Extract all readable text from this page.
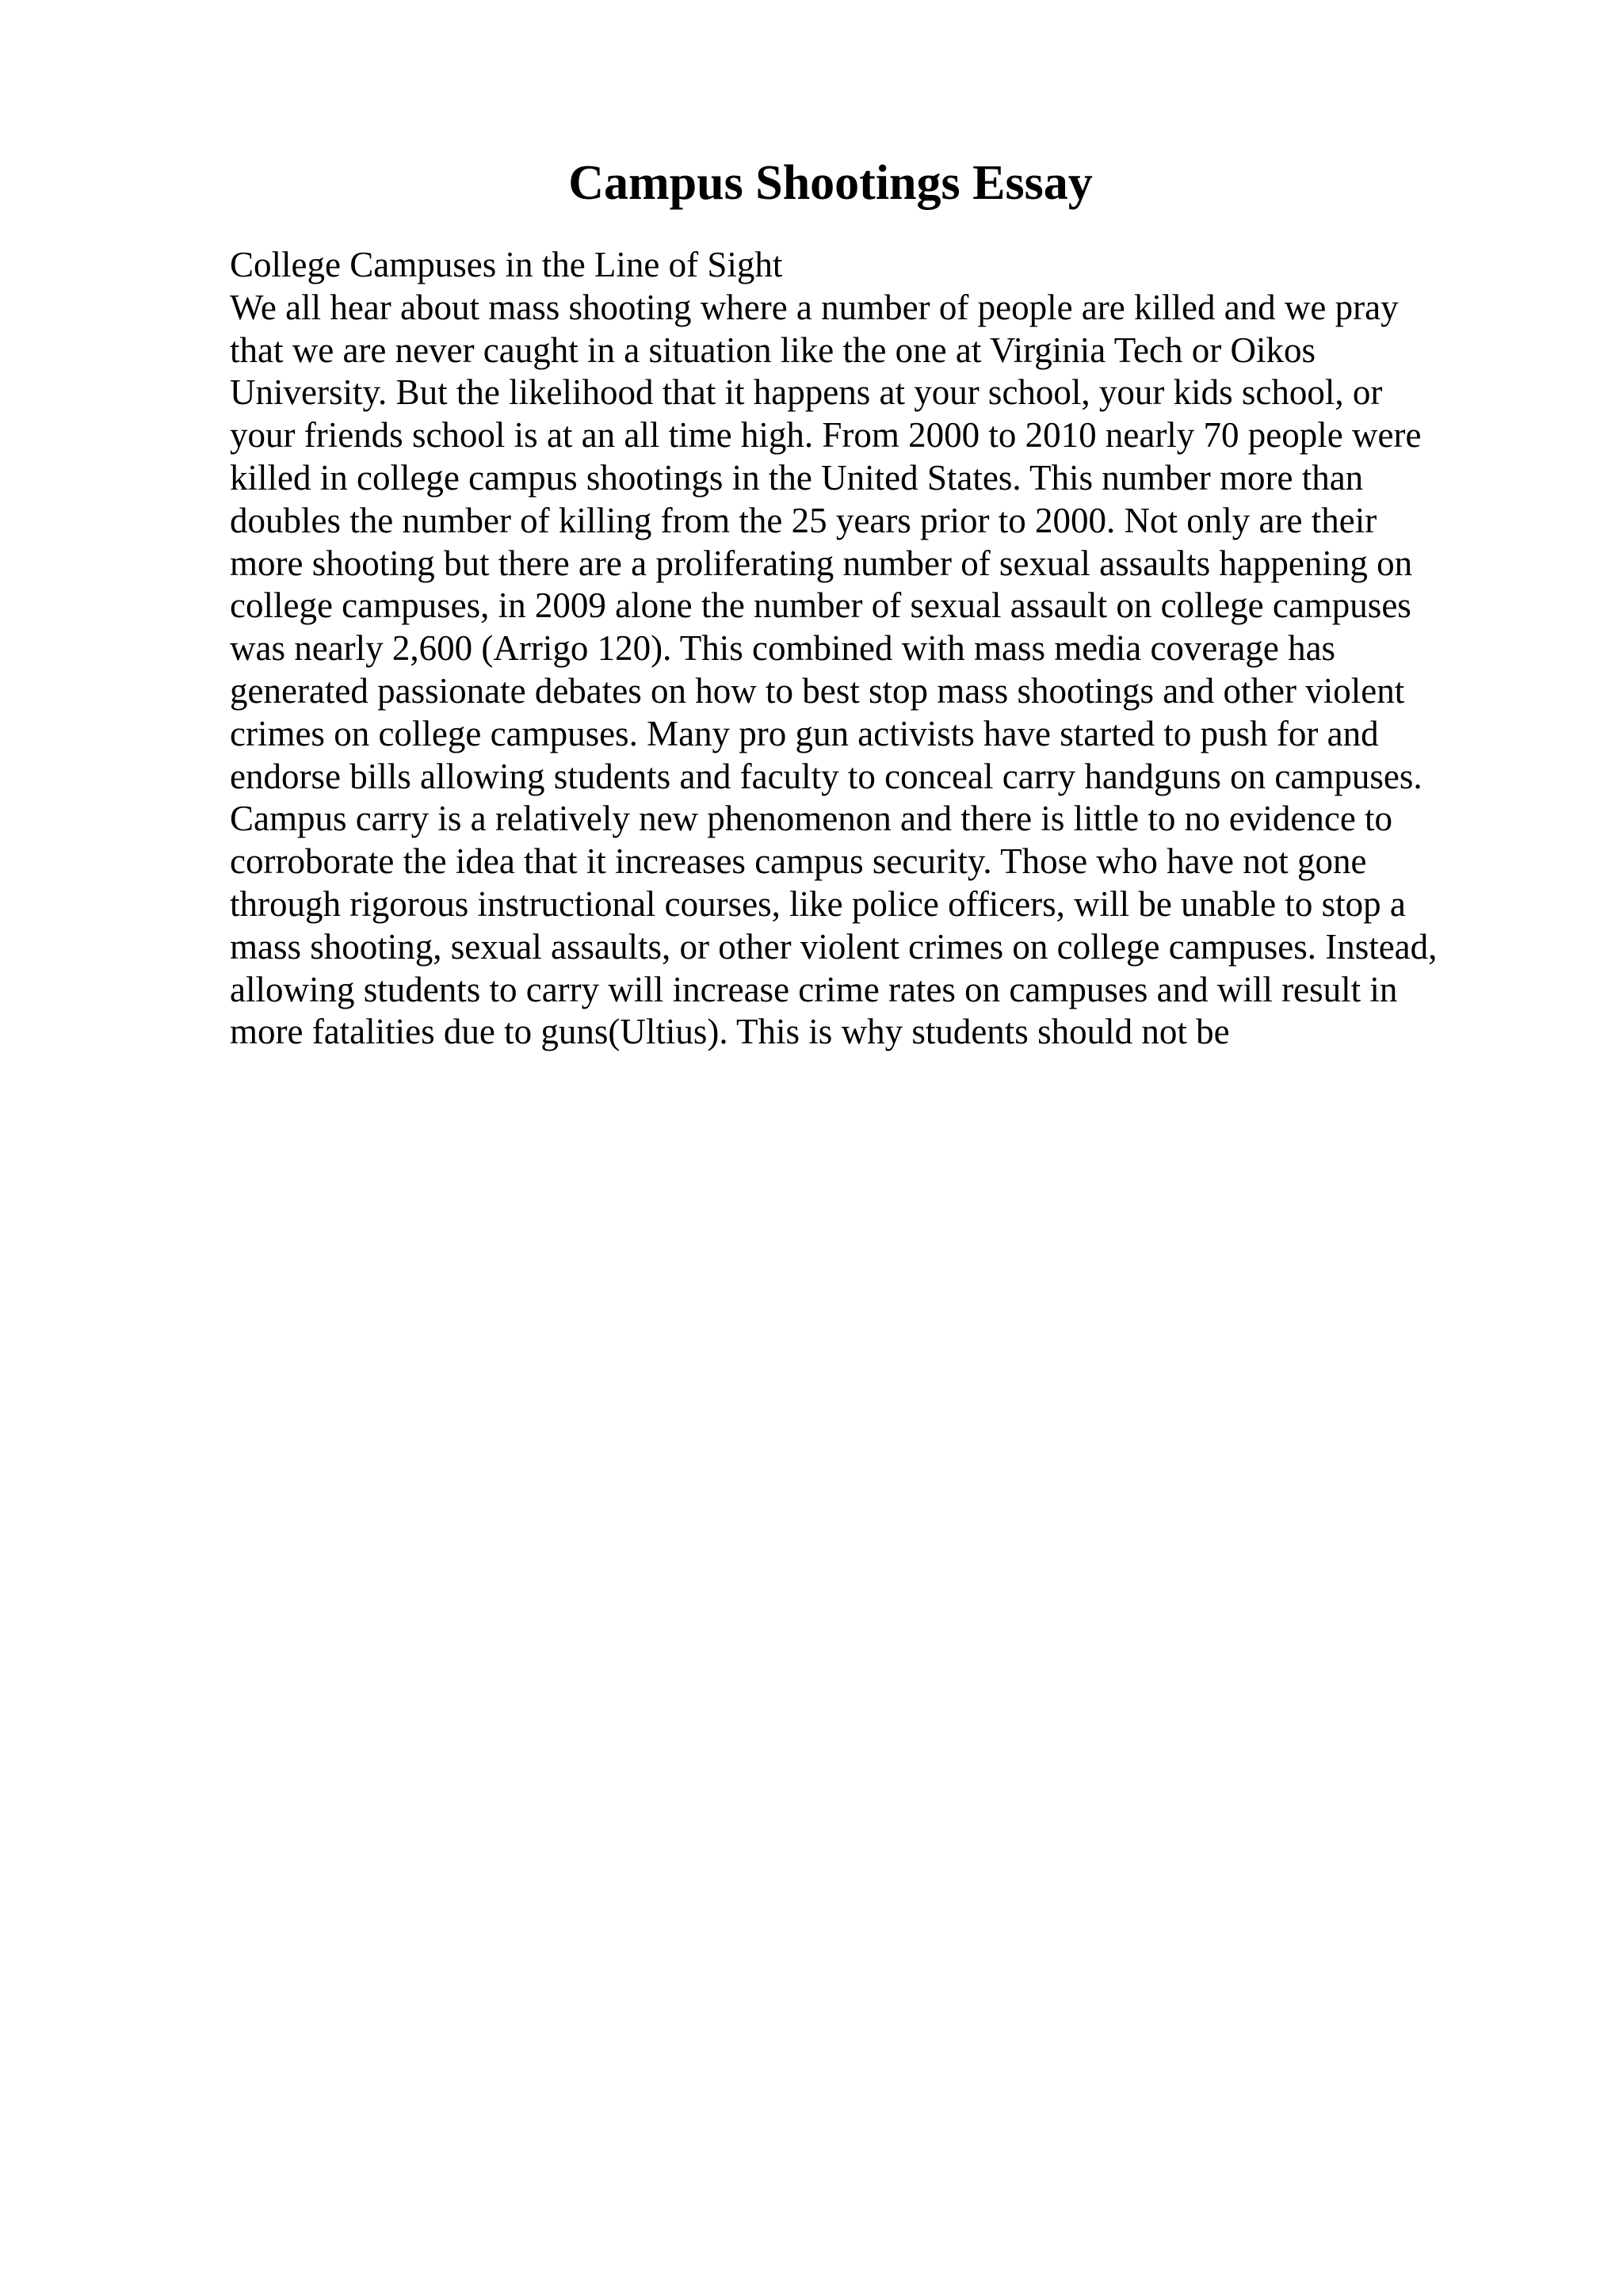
Campus Shootings Essay

College Campuses in the Line of Sight

We all hear about mass shooting where a number of people are killed and we pray
that we are never caught in a situation like the one at Virginia Tech or Oikos
University. But the likelihood that it happens at your school, your kids school, or
your friends school is at an all time high. From 2000 to 2010 nearly 70 people were
killed in college campus shootings in the United States. This number more than
doubles the number of killing from the 25 years prior to 2000. Not only are their
more shooting but there are a proliferating number of sexual assaults happening on
college campuses, in 2009 alone the number of sexual assault on college campuses
was nearly 2,600 (Arrigo 120). This combined with mass media coverage has
generated passionate debates on how to best stop mass shootings and other violent
crimes on college campuses. Many pro gun activists have started to push for and
endorse bills allowing students and faculty to conceal carry handguns on campuses.
Campus carry is a relatively new phenomenon and there is little to no evidence to
corroborate the idea that it increases campus security. Those who have not gone
through rigorous instructional courses, like police officers, will be unable to stop a
mass shooting, sexual assaults, or other violent crimes on college campuses. Instead,
allowing students to carry will increase crime rates on campuses and will result in
more fatalities due to guns(Ultius). This is why students should not be
